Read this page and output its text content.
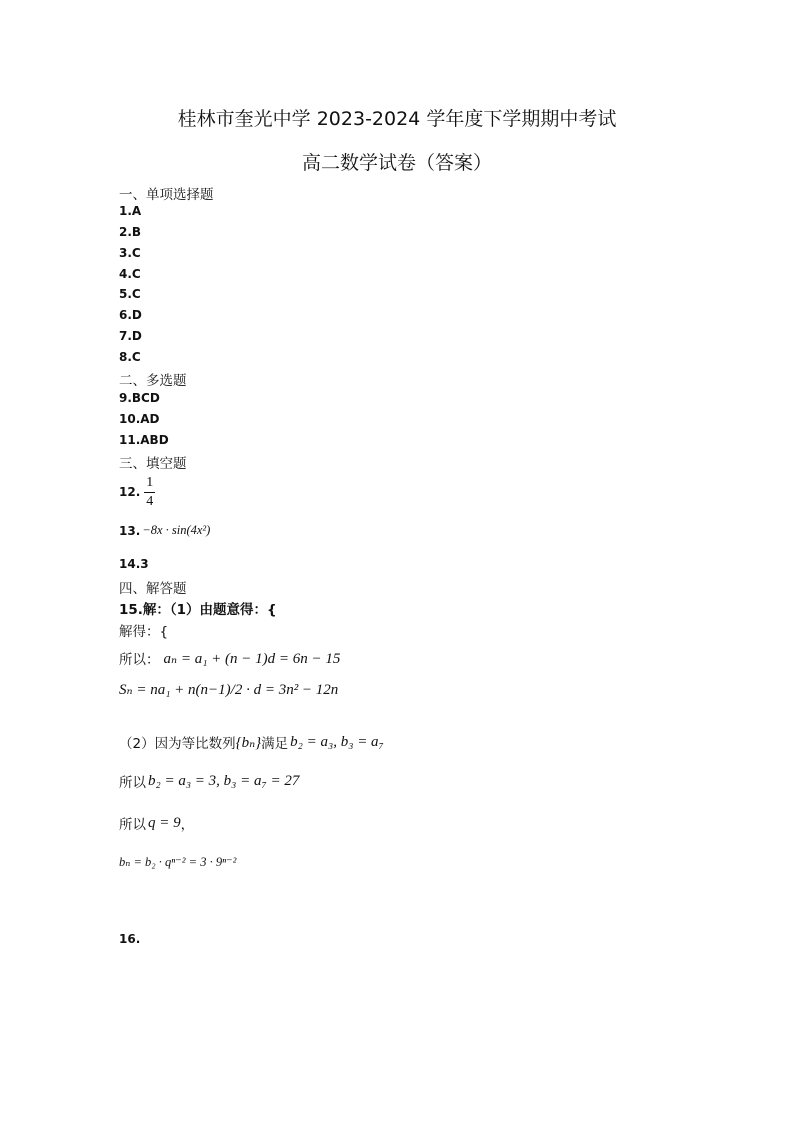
桂林市奎光中学 2023-2024 学年度下学期期中考试
高二数学试卷（答案）
一、单项选择题
1.A
2.B
3.C
4.C
5.C
6.D
7.D
8.C
二、多选题
9.BCD
10.AD
11.ABD
三、填空题
12. $\frac{1}{4}$
13. −8x · sin(4x²)
14.3
四、解答题
15.解：（1）由题意得：{
解得：{
所以： aₙ = a₁ + (n − 1)d = 6n − 15
Sₙ = na₁ + n(n−1)/2 · d = 3n² − 12n
（2）因为等比数列 {bₙ} 满足 b₂ = a₃, b₃ = a₇
所以 b₂ = a₃ = 3, b₃ = a₇ = 27
所以 q = 9 ，
bₙ = b₂ · qⁿ⁻² = 3 · 9ⁿ⁻²
16.
